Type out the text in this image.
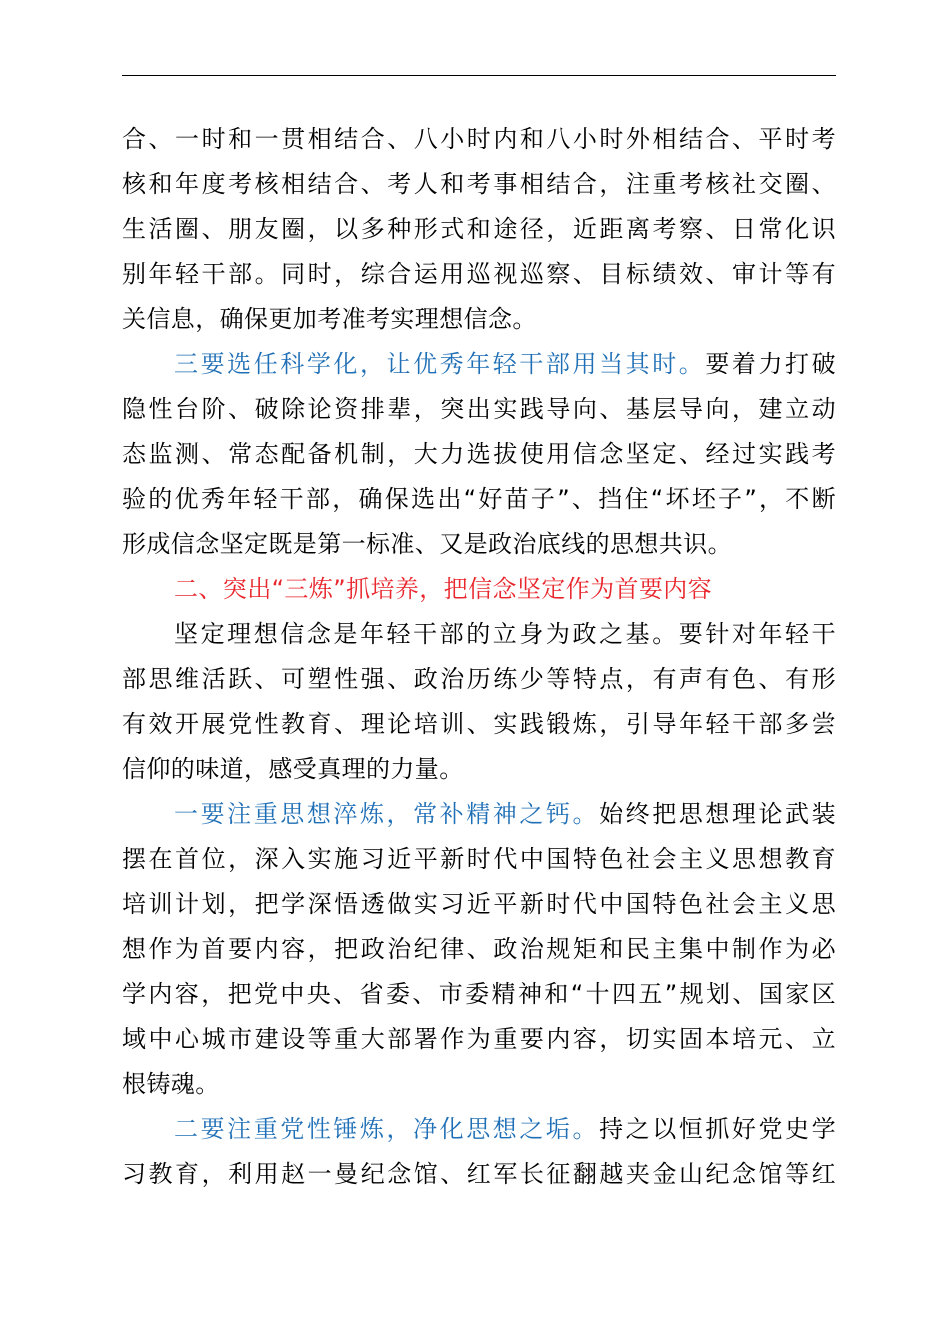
合、一时和一贯相结合、八小时内和八小时外相结合、平时考
核和年度考核相结合、考人和考事相结合，注重考核社交圈、
生活圈、朋友圈，以多种形式和途径，近距离考察、日常化识
别年轻干部。同时，综合运用巡视巡察、目标绩效、审计等有
关信息，确保更加考准考实理想信念。
三要选任科学化，让优秀年轻干部用当其时。要着力打破
隐性台阶、破除论资排辈，突出实践导向、基层导向，建立动
态监测、常态配备机制，大力选拔使用信念坚定、经过实践考
验的优秀年轻干部，确保选出“好苗子”、挡住“坏坯子”，不断
形成信念坚定既是第一标准、又是政治底线的思想共识。
二、突出“三炼”抓培养，把信念坚定作为首要内容
坚定理想信念是年轻干部的立身为政之基。要针对年轻干
部思维活跃、可塑性强、政治历练少等特点，有声有色、有形
有效开展党性教育、理论培训、实践锻炼，引导年轻干部多尝
信仰的味道，感受真理的力量。
一要注重思想淬炼，常补精神之钙。始终把思想理论武装
摆在首位，深入实施习近平新时代中国特色社会主义思想教育
培训计划，把学深悟透做实习近平新时代中国特色社会主义思
想作为首要内容，把政治纪律、政治规矩和民主集中制作为必
学内容，把党中央、省委、市委精神和“十四五”规划、国家区
域中心城市建设等重大部署作为重要内容，切实固本培元、立
根铸魂。
二要注重党性锤炼，净化思想之垢。持之以恒抓好党史学
习教育，利用赵一曼纪念馆、红军长征翻越夹金山纪念馆等红
